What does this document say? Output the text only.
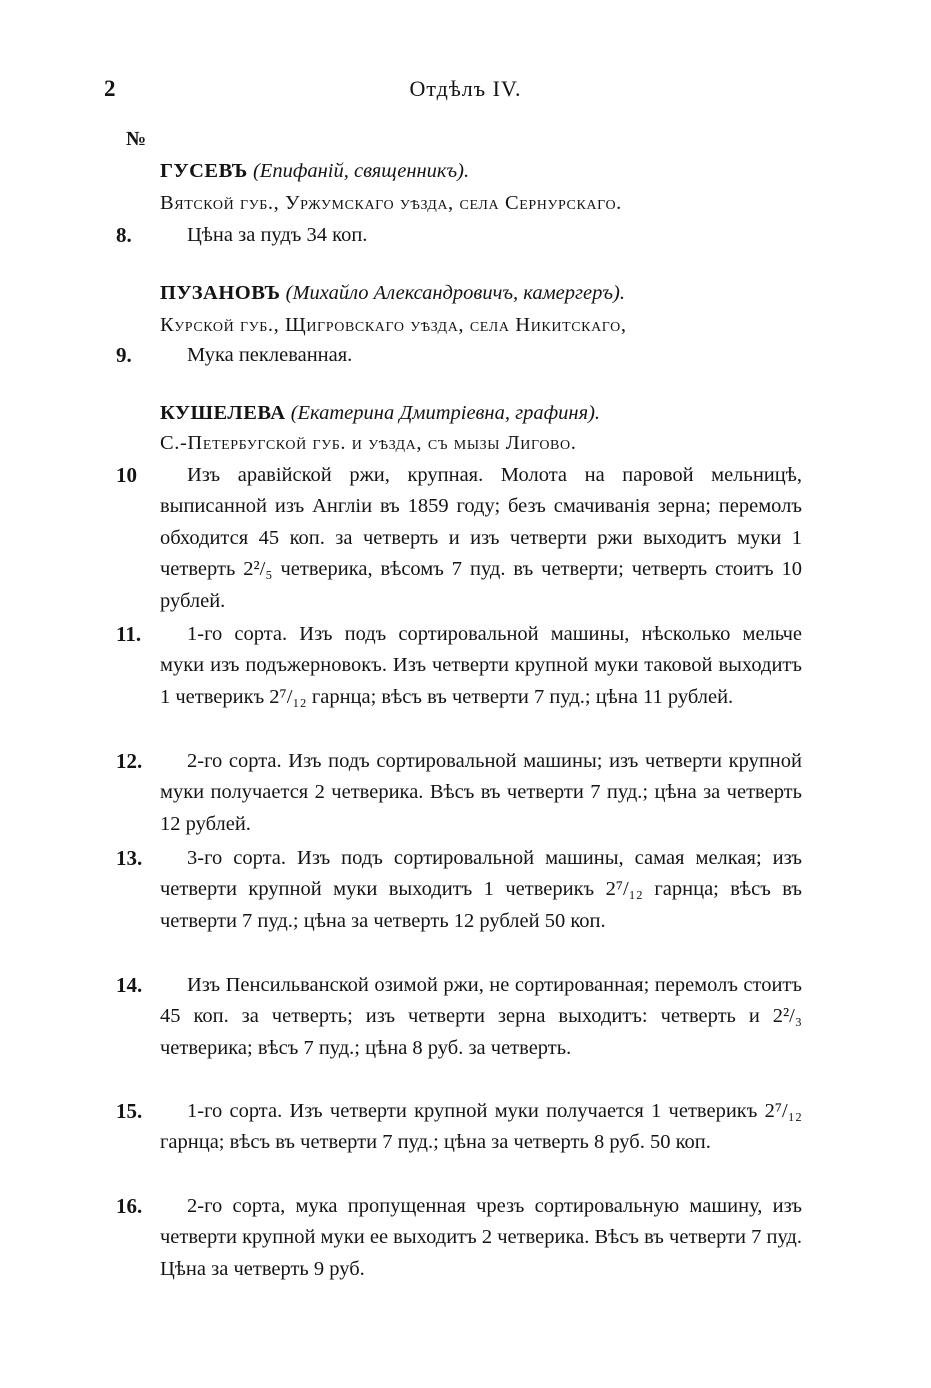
2	Отдѣлъ IV.
№
ГУСЕВЪ (Епифаній, священникъ).
Вятской губ., Уржумскаго уѣзда, села Сернурскаго.
8.	Цѣна за пудъ 34 коп.
ПУЗАНОВЪ (Михайло Александровичъ, камергеръ).
Курской губ., Щигровскаго уѣзда, села Никитскаго,
9.	Мука пеклеванная.
КУШЕЛЕВА (Екатерина Дмитріевна, графиня).
С.-Петербугской губ. и уѣзда, съ мызы Лигово.
10	Изъ аравійской ржи, крупная. Молота на паровой мельницѣ, выписанной изъ Англіи въ 1859 году; безъ смачиванія зерна; перемолъ обходится 45 коп. за четверть и изъ четверти ржи выходитъ муки 1 четверть 2²/₅ четверика, вѣсомъ 7 пуд. въ четверти; четверть стоитъ 10 рублей.
11.	1-го сорта. Изъ подъ сортировальной машины, нѣсколько мельче муки изъ подъжерновокъ. Изъ четверти крупной муки таковой выходитъ 1 четверикъ 2⁷/₁₂ гарнца; вѣсъ въ четверти 7 пуд.; цѣна 11 рублей.
12.	2-го сорта. Изъ подъ сортировальной машины; изъ четверти крупной муки получается 2 четверика. Вѣсъ въ четверти 7 пуд.; цѣна за четверть 12 рублей.
13.	3-го сорта. Изъ подъ сортировальной машины, самая мелкая; изъ четверти крупной муки выходитъ 1 четверикъ 2⁷/₁₂ гарнца; вѣсъ въ четверти 7 пуд.; цѣна за четверть 12 рублей 50 коп.
14.	Изъ Пенсильванской озимой ржи, не сортированная; перемолъ стоитъ 45 коп. за четверть; изъ четверти зерна выходитъ: четверть и 2²/₃ четверика; вѣсъ 7 пуд.; цѣна 8 руб. за четверть.
15.	1-го сорта. Изъ четверти крупной муки получается 1 четверикъ 2⁷/₁₂ гарнца; вѣсъ въ четверти 7 пуд.; цѣна за четверть 8 руб. 50 коп.
16.	2-го сорта, мука пропущенная чрезъ сортировальную машину, изъ четверти крупной муки ее выходитъ 2 четверика. Вѣсъ въ четверти 7 пуд. Цѣна за четверть 9 руб.
